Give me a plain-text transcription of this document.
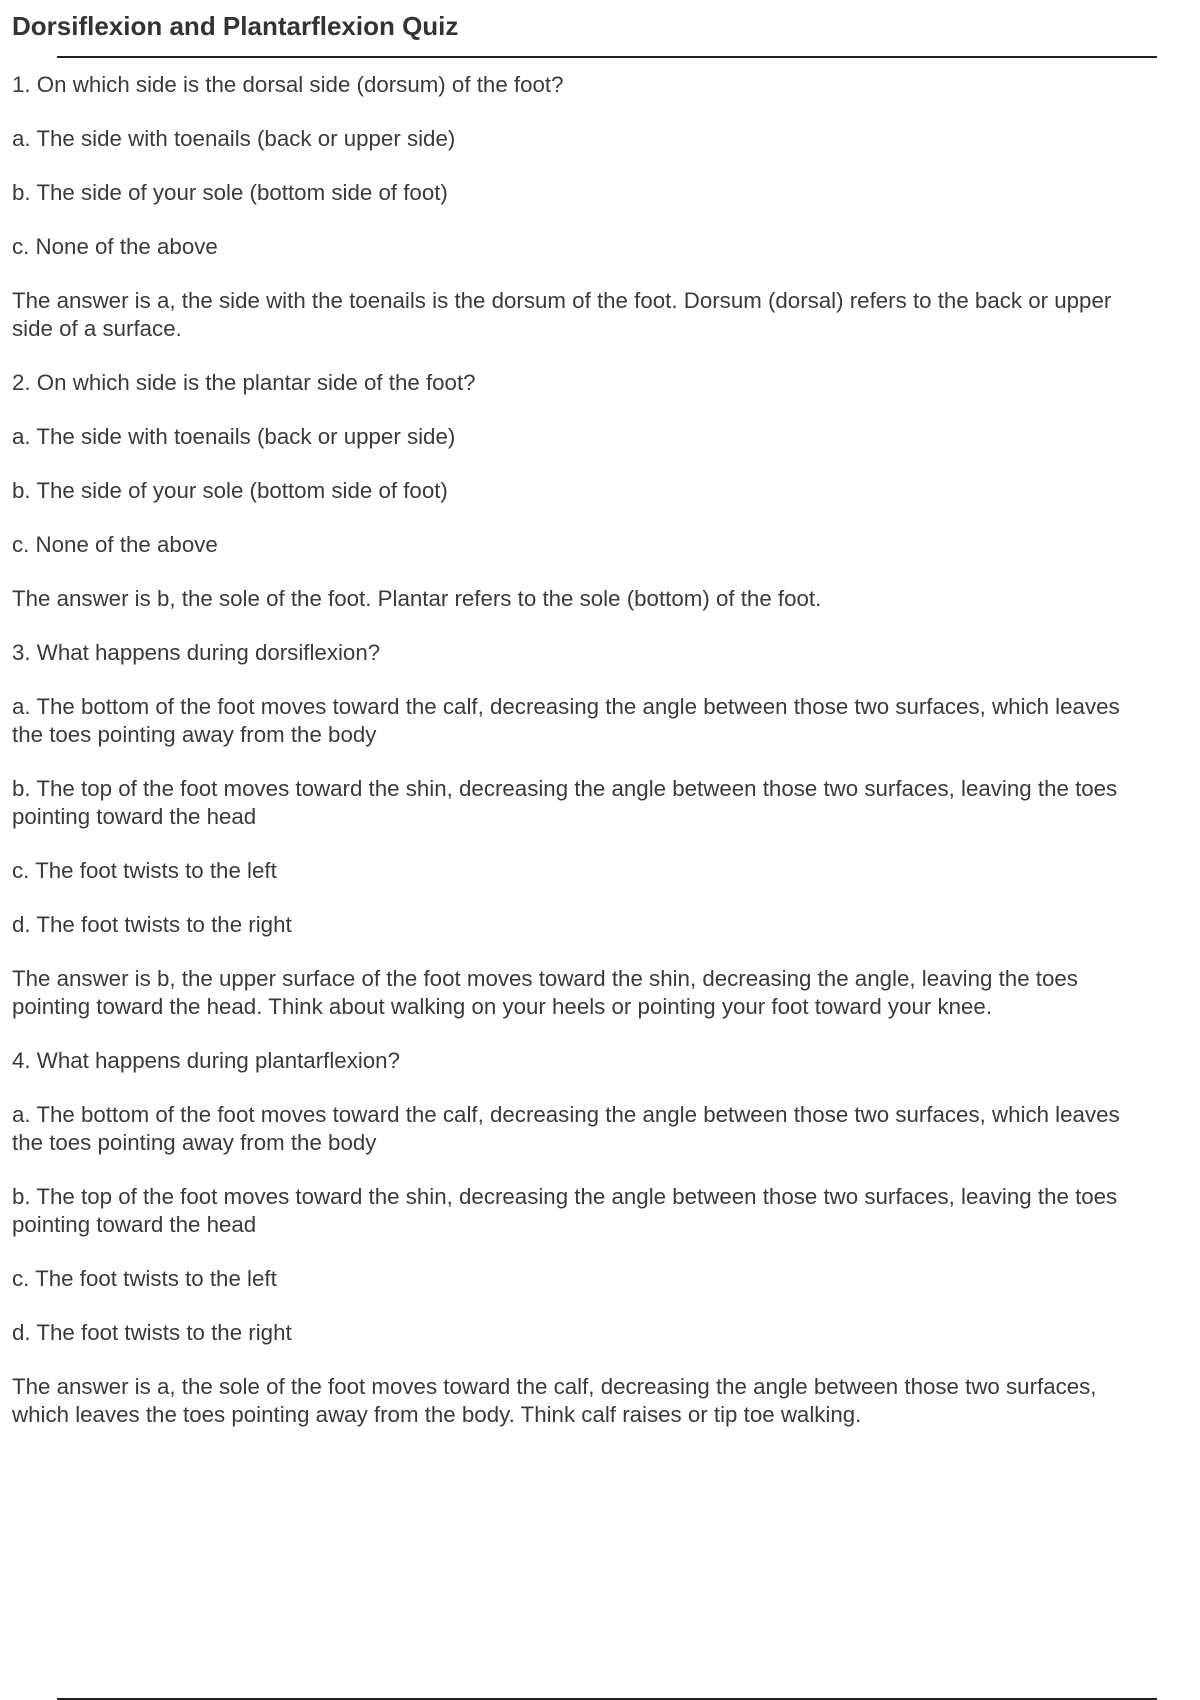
Dorsiflexion and Plantarflexion Quiz

1. On which side is the dorsal side (dorsum) of the foot?

a. The side with toenails (back or upper side)

b. The side of your sole (bottom side of foot)

c. None of the above

The answer is a, the side with the toenails is the dorsum of the foot. Dorsum (dorsal) refers to the back or upper
side of a surface.

2. On which side is the plantar side of the foot?

a. The side with toenails (back or upper side)

b. The side of your sole (bottom side of foot)

c. None of the above

The answer is b, the sole of the foot. Plantar refers to the sole (bottom) of the foot.

3. What happens during dorsiflexion?

a. The bottom of the foot moves toward the calf, decreasing the angle between those two surfaces, which leaves
the toes pointing away from the body

b. The top of the foot moves toward the shin, decreasing the angle between those two surfaces, leaving the toes
pointing toward the head

c. The foot twists to the left

d. The foot twists to the right

The answer is b, the upper surface of the foot moves toward the shin, decreasing the angle, leaving the toes
pointing toward the head. Think about walking on your heels or pointing your foot toward your knee.

4. What happens during plantarflexion?

a. The bottom of the foot moves toward the calf, decreasing the angle between those two surfaces, which leaves
the toes pointing away from the body

b. The top of the foot moves toward the shin, decreasing the angle between those two surfaces, leaving the toes
pointing toward the head

c. The foot twists to the left

d. The foot twists to the right

The answer is a, the sole of the foot moves toward the calf, decreasing the angle between those two surfaces,
which leaves the toes pointing away from the body. Think calf raises or tip toe walking.
